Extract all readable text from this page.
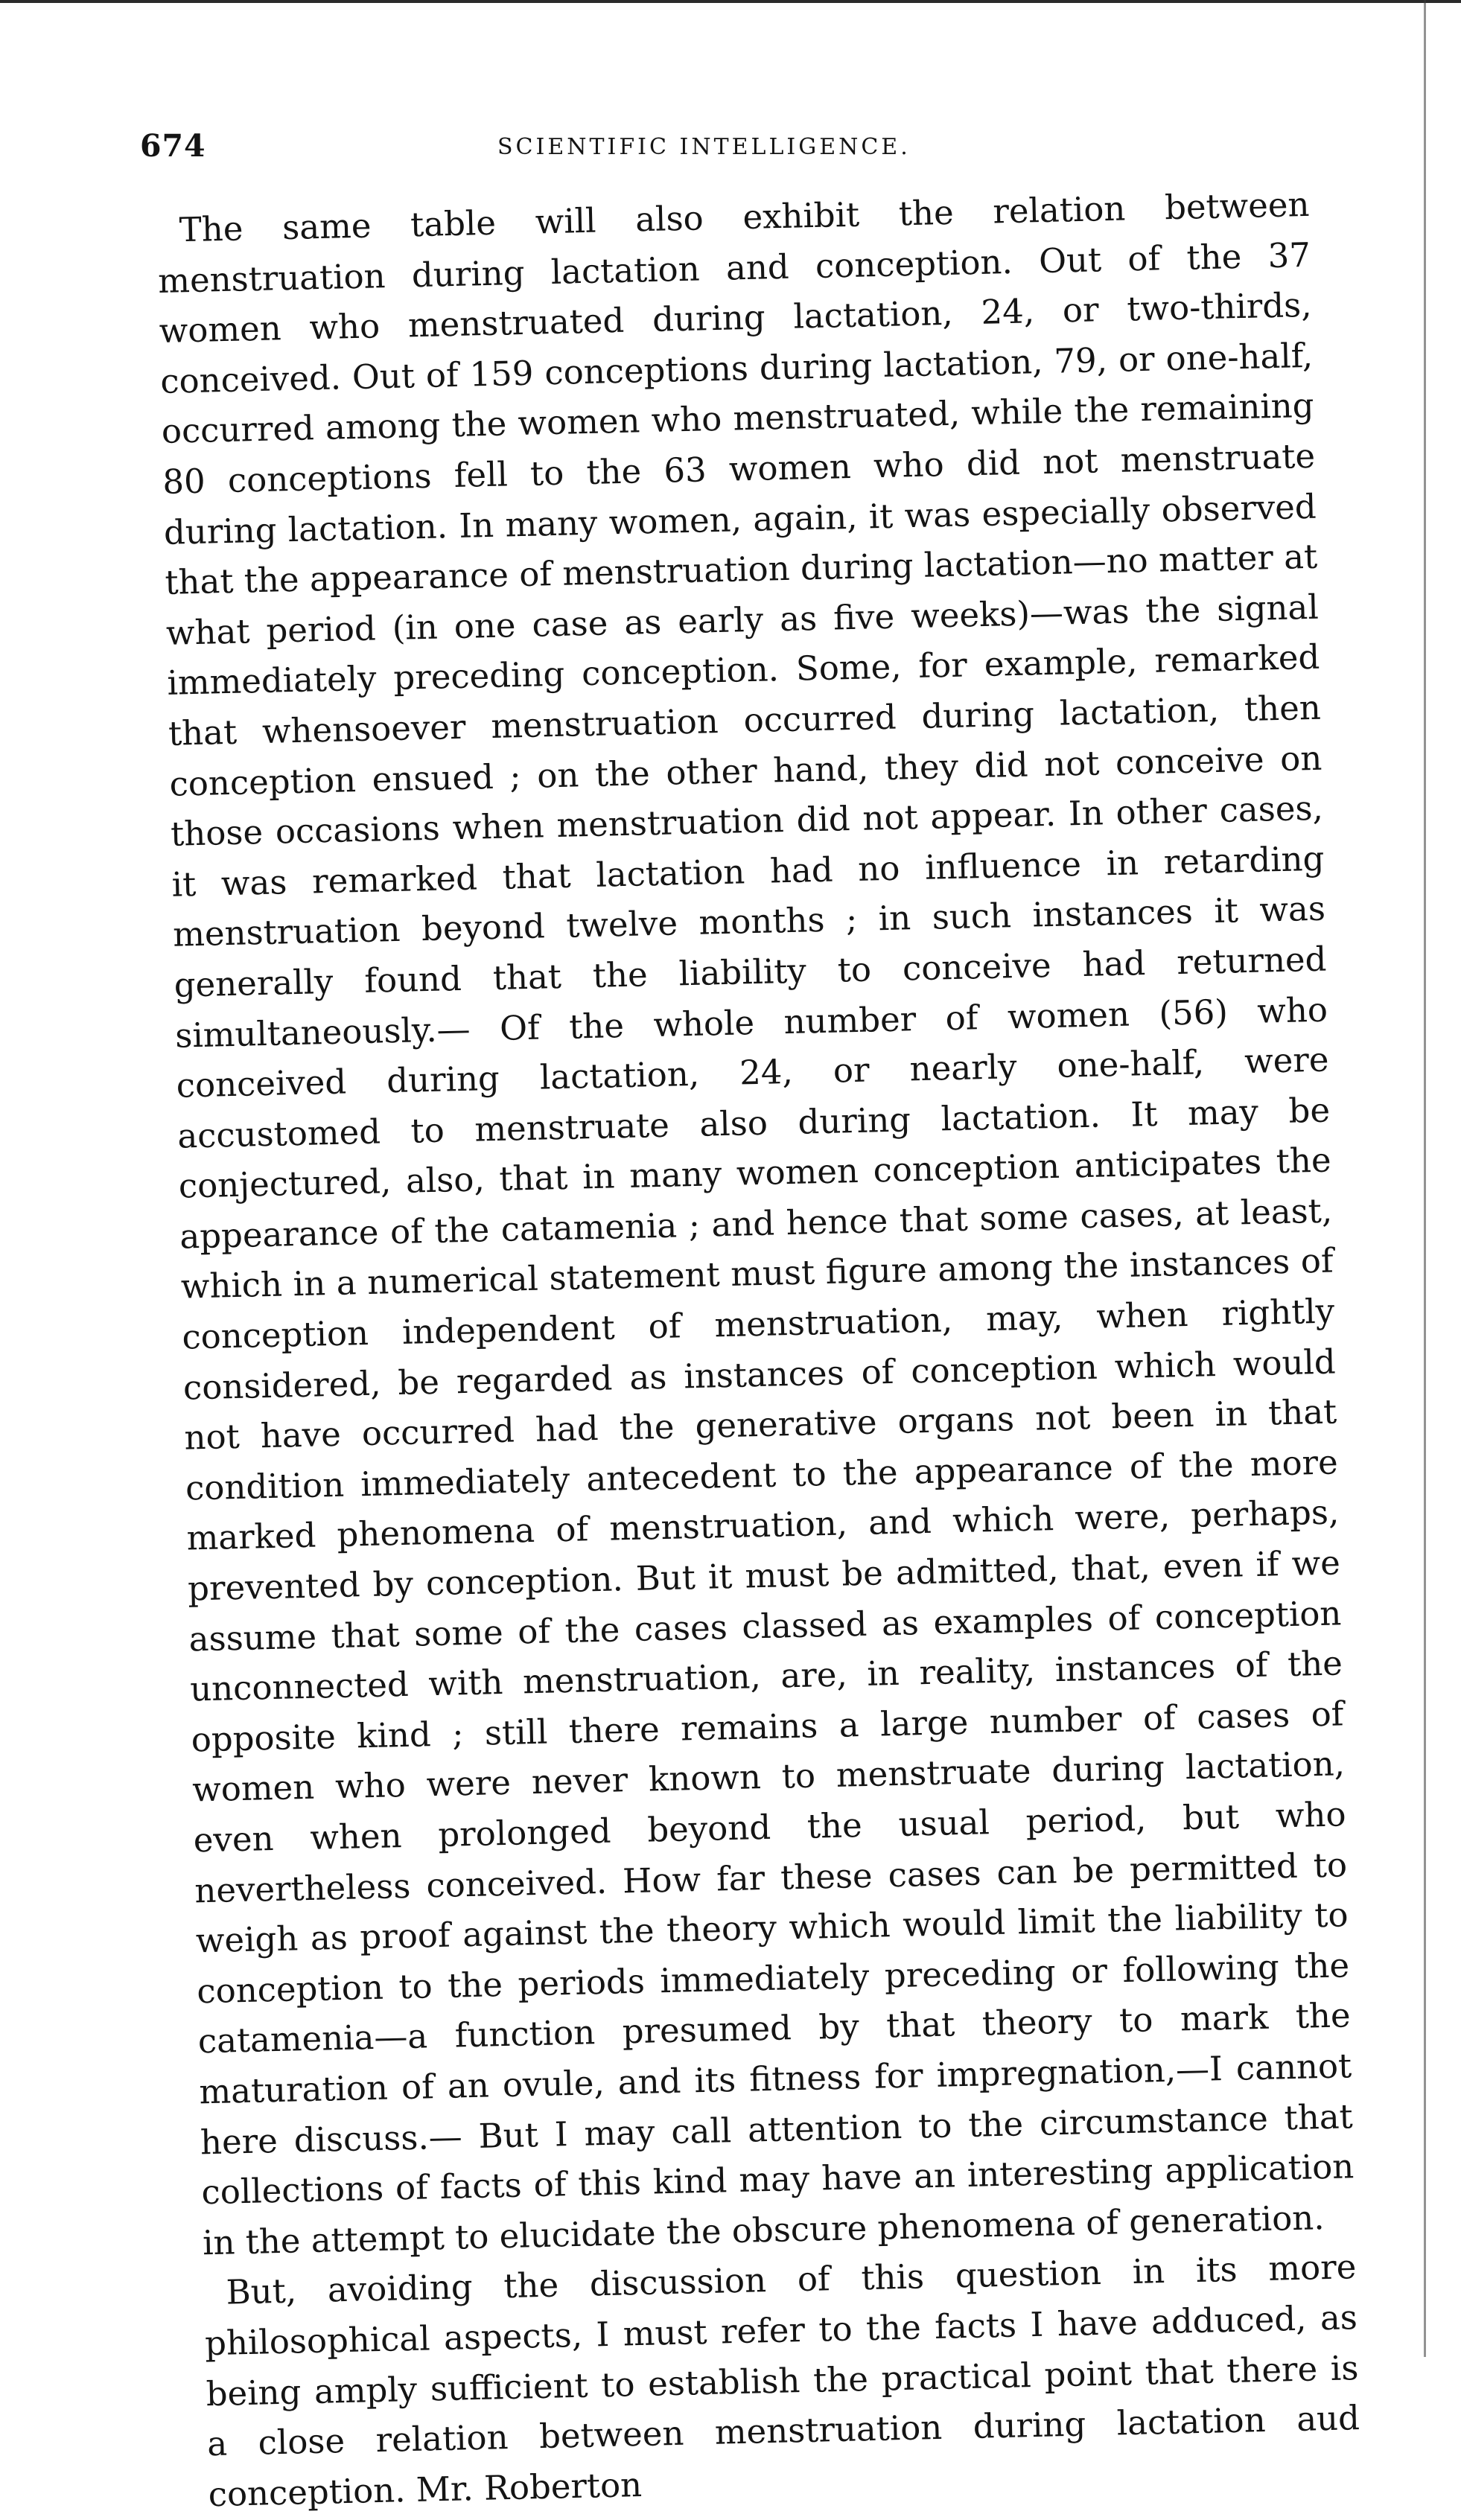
674	SCIENTIFIC INTELLIGENCE.

The same table will also exhibit the relation between menstruation during lactation and conception. Out of the 37 women who menstruated during lactation, 24, or two-thirds, conceived. Out of 159 conceptions during lactation, 79, or one-half, occurred among the women who menstruated, while the remaining 80 conceptions fell to the 63 women who did not menstruate during lactation. In many women, again, it was especially observed that the appearance of menstruation during lactation—no matter at what period (in one case as early as five weeks)—was the signal immediately preceding conception. Some, for example, remarked that whensoever menstruation occurred during lactation, then conception ensued ; on the other hand, they did not conceive on those occasions when menstruation did not appear. In other cases, it was remarked that lactation had no influence in retarding menstruation beyond twelve months ; in such instances it was generally found that the liability to conceive had returned simultaneously.— Of the whole number of women (56) who conceived during lactation, 24, or nearly one-half, were accustomed to menstruate also during lactation. It may be conjectured, also, that in many women conception anticipates the appearance of the catamenia ; and hence that some cases, at least, which in a numerical statement must figure among the instances of conception independent of menstruation, may, when rightly considered, be regarded as instances of conception which would not have occurred had the generative organs not been in that condition immediately antecedent to the appearance of the more marked phenomena of menstruation, and which were, perhaps, prevented by conception. But it must be admitted, that, even if we assume that some of the cases classed as examples of conception unconnected with menstruation, are, in reality, instances of the opposite kind ; still there remains a large number of cases of women who were never known to menstruate during lactation, even when prolonged beyond the usual period, but who nevertheless conceived. How far these cases can be permitted to weigh as proof against the theory which would limit the liability to conception to the periods immediately preceding or following the catamenia—a function presumed by that theory to mark the maturation of an ovule, and its fitness for impregnation,—I cannot here discuss.— But I may call attention to the circumstance that collections of facts of this kind may have an interesting application in the attempt to elucidate the obscure phenomena of generation.

But, avoiding the discussion of this question in its more philosophical aspects, I must refer to the facts I have adduced, as being amply sufficient to establish the practical point that there is a close relation between menstruation during lactation aud conception. Mr. Roberton
